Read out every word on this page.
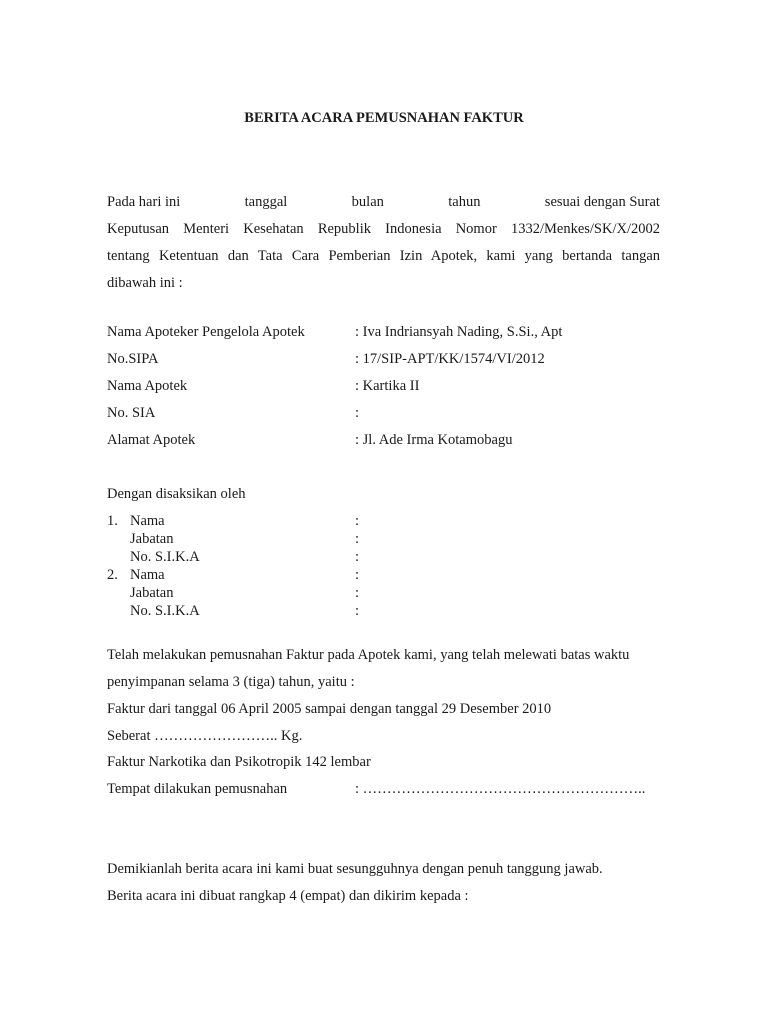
BERITA ACARA PEMUSNAHAN FAKTUR
Pada hari ini	tanggal	bulan	tahun	sesuai dengan Surat
Keputusan Menteri Kesehatan Republik Indonesia Nomor 1332/Menkes/SK/X/2002
tentang Ketentuan dan Tata Cara Pemberian Izin Apotek, kami yang bertanda tangan
dibawah ini :
Nama Apoteker Pengelola Apotek	: Iva Indriansyah Nading, S.Si., Apt
No.SIPA	: 17/SIP-APT/KK/1574/VI/2012
Nama Apotek	: Kartika II
No. SIA	:
Alamat Apotek	: Jl. Ade Irma Kotamobagu
Dengan disaksikan oleh
1. Nama	:
Jabatan	:
No. S.I.K.A	:
2. Nama	:
Jabatan	:
No. S.I.K.A	:
Telah melakukan pemusnahan Faktur pada Apotek kami, yang telah melewati batas waktu
penyimpanan selama 3 (tiga) tahun, yaitu :
Faktur dari tanggal 06 April 2005 sampai dengan tanggal 29 Desember 2010
Seberat …………………….. Kg.
Faktur Narkotika dan Psikotropik 142 lembar
Tempat dilakukan pemusnahan	: …………………………………………………..
Demikianlah berita acara ini kami buat sesungguhnya dengan penuh tanggung jawab.
Berita acara ini dibuat rangkap 4 (empat) dan dikirim kepada :
